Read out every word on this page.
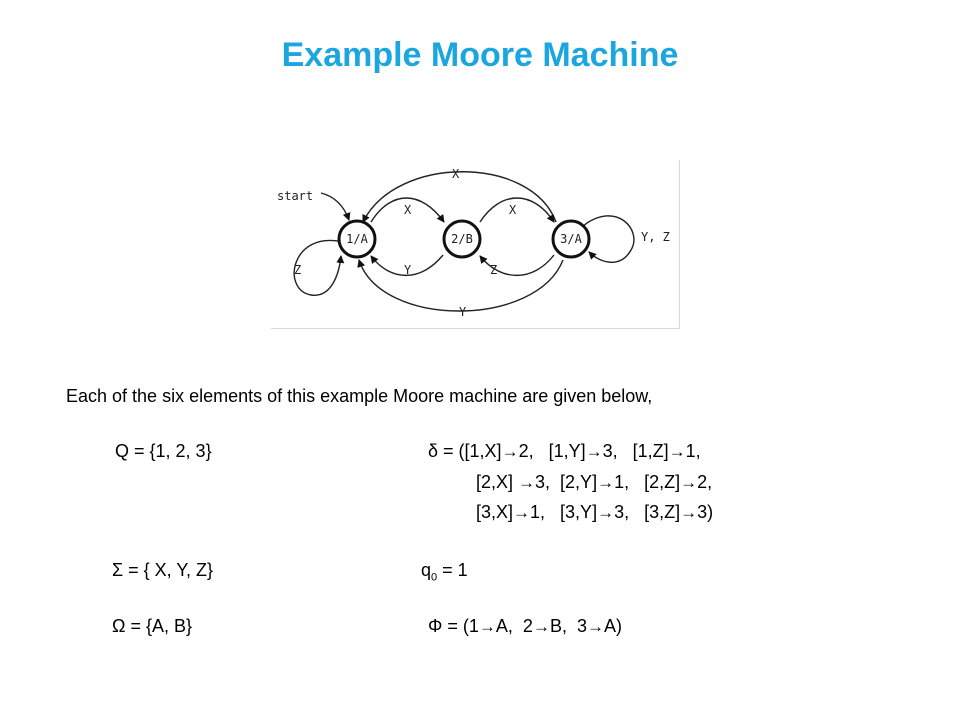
Example Moore Machine
start
X
X	X
Z	Y	Z
Y, Z
Y
1/A	2/B	3/A
Each of the six elements of this example Moore machine are given below,
Q = {1, 2, 3}	δ = ([1,X]→2,   [1,Y]→3,   [1,Z]→1,
[2,X] →3,  [2,Y]→1,   [2,Z]→2,
[3,X]→1,   [3,Y]→3,   [3,Z]→3)
Σ = { X, Y, Z}	$q_0 = 1$
Ω = {A, B}	Φ = (1→A,  2→B,  3→A)
